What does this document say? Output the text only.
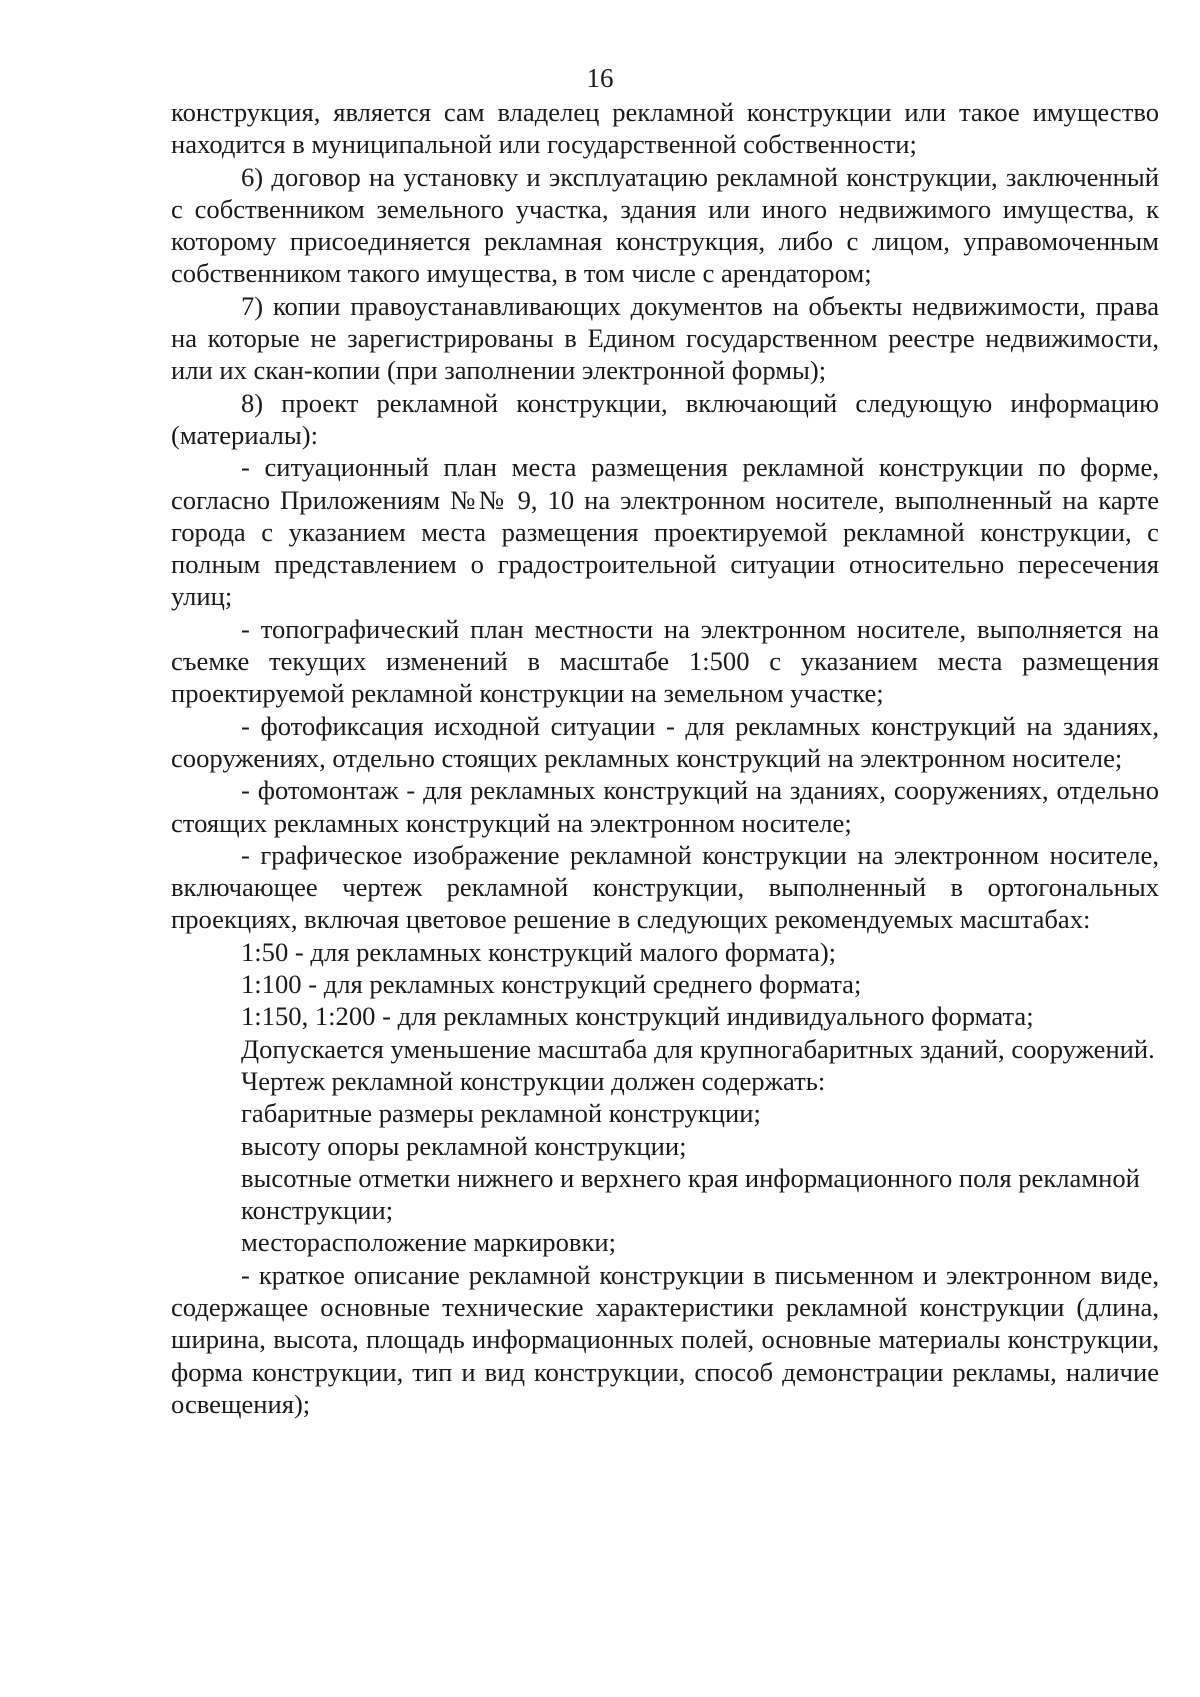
16

конструкция, является сам владелец рекламной конструкции или такое имущество находится в муниципальной или государственной собственности;

6) договор на установку и эксплуатацию рекламной конструкции, заключенный с собственником земельного участка, здания или иного недвижимого имущества, к которому присоединяется рекламная конструкция, либо с лицом, управомоченным собственником такого имущества, в том числе с арендатором;

7) копии правоустанавливающих документов на объекты недвижимости, права на которые не зарегистрированы в Едином государственном реестре недвижимости, или их скан-копии (при заполнении электронной формы);

8) проект рекламной конструкции, включающий следующую информацию (материалы):

- ситуационный план места размещения рекламной конструкции по форме, согласно Приложениям №№ 9, 10 на электронном носителе, выполненный на карте города с указанием места размещения проектируемой рекламной конструкции, с полным представлением о градостроительной ситуации относительно пересечения улиц;

- топографический план местности на электронном носителе, выполняется на съемке текущих изменений в масштабе 1:500 с указанием места размещения проектируемой рекламной конструкции на земельном участке;

- фотофиксация исходной ситуации - для рекламных конструкций на зданиях, сооружениях, отдельно стоящих рекламных конструкций на электронном носителе;

- фотомонтаж - для рекламных конструкций на зданиях, сооружениях, отдельно стоящих рекламных конструкций на электронном носителе;

- графическое изображение рекламной конструкции на электронном носителе, включающее чертеж рекламной конструкции, выполненный в ортогональных проекциях, включая цветовое решение в следующих рекомендуемых масштабах:

1:50 - для рекламных конструкций малого формата);

1:100 - для рекламных конструкций среднего формата;

1:150, 1:200 - для рекламных конструкций индивидуального формата;

Допускается уменьшение масштаба для крупногабаритных зданий, сооружений.

Чертеж рекламной конструкции должен содержать:

габаритные размеры рекламной конструкции;

высоту опоры рекламной конструкции;

высотные отметки нижнего и верхнего края информационного поля рекламной

конструкции;

месторасположение маркировки;

- краткое описание рекламной конструкции в письменном и электронном виде, содержащее основные технические характеристики рекламной конструкции (длина, ширина, высота, площадь информационных полей, основные материалы конструкции, форма конструкции, тип и вид конструкции, способ демонстрации рекламы, наличие освещения);
